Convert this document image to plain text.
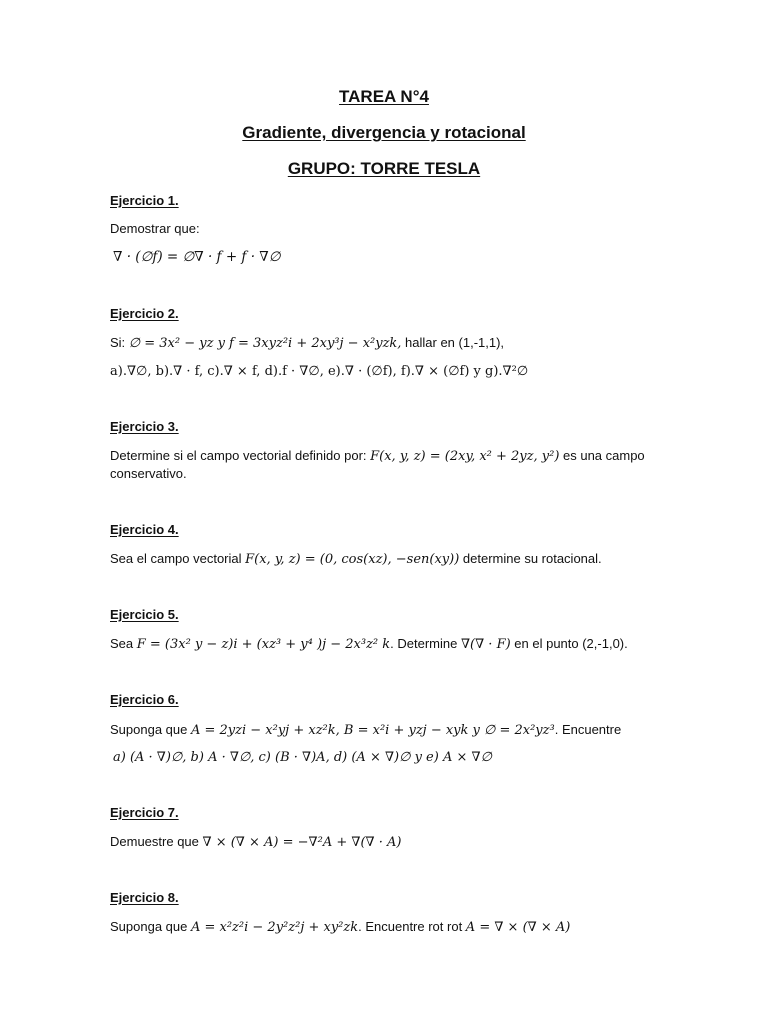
TAREA N°4
Gradiente, divergencia y rotacional
GRUPO: TORRE TESLA
Ejercicio 1.
Demostrar que:
∇ · (∅f) = ∅∇ · f + f · ∇∅
Ejercicio 2.
Si: ∅ = 3x² − yz y f = 3xyz²i + 2xy³j − x²yzk, hallar en (1,-1,1),
a).∇∅, b).∇ · f, c).∇ × f, d).f · ∇∅, e).∇ · (∅f), f).∇ × (∅f) y g).∇²∅
Ejercicio 3.
Determine si el campo vectorial definido por: F(x, y, z) = (2xy, x² + 2yz, y²) es una campo
conservativo.
Ejercicio 4.
Sea el campo vectorial F(x, y, z) = (0, cos(xz), −sen(xy)) determine su rotacional.
Ejercicio 5.
Sea F = (3x² y − z)i + (xz³ + y⁴ )j − 2x³z² k. Determine ∇(∇ · F) en el punto (2,-1,0).
Ejercicio 6.
Suponga que A = 2yzi − x²yj + xz²k, B = x²i + yzj − xyk y ∅ = 2x²yz³. Encuentre
a) (A · ∇)∅, b) A · ∇∅, c) (B · ∇)A, d) (A × ∇)∅ y e) A × ∇∅
Ejercicio 7.
Demuestre que ∇ × (∇ × A) = −∇²A + ∇(∇ · A)
Ejercicio 8.
Suponga que A = x²z²i − 2y²z²j + xy²zk. Encuentre rot rot A = ∇ × (∇ × A)
